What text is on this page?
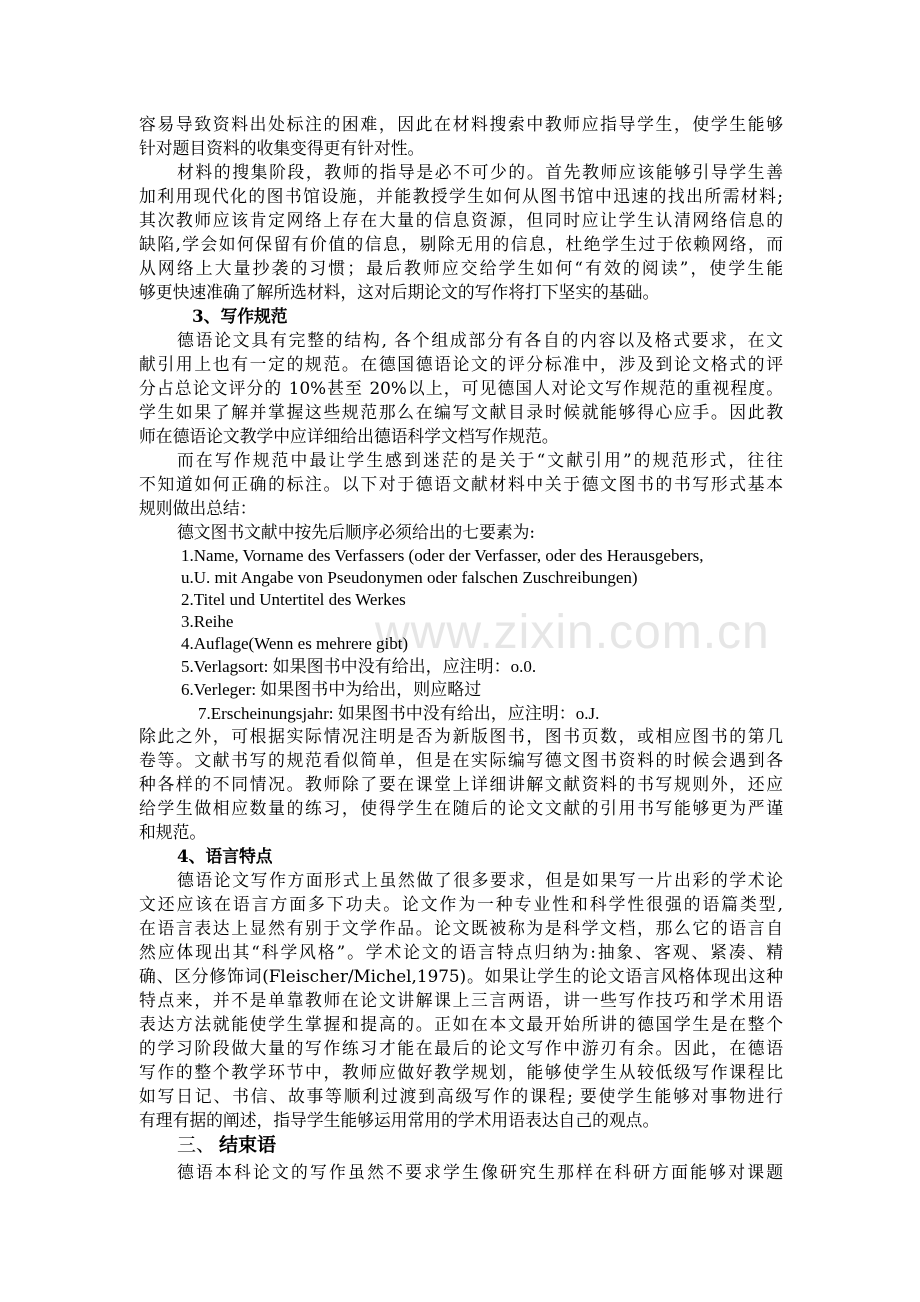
www.zixin.com.cn
容易导致资料出处标注的困难，因此在材料搜索中教师应指导学生，使学生能够
针对题目资料的收集变得更有针对性。
材料的搜集阶段，教师的指导是必不可少的。首先教师应该能够引导学生善
加利用现代化的图书馆设施，并能教授学生如何从图书馆中迅速的找出所需材料;
其次教师应该肯定网络上存在大量的信息资源，但同时应让学生认清网络信息的
缺陷,学会如何保留有价值的信息，剔除无用的信息，杜绝学生过于依赖网络，而
从网络上大量抄袭的习惯；最后教师应交给学生如何“有效的阅读”，使学生能
够更快速准确了解所选材料，这对后期论文的写作将打下坚实的基础。
3、写作规范
德语论文具有完整的结构, 各个组成部分有各自的内容以及格式要求，在文
献引用上也有一定的规范。在德国德语论文的评分标准中，涉及到论文格式的评
分占总论文评分的 10%甚至 20%以上，可见德国人对论文写作规范的重视程度。
学生如果了解并掌握这些规范那么在编写文献目录时候就能够得心应手。因此教
师在德语论文教学中应详细给出德语科学文档写作规范。
而在写作规范中最让学生感到迷茫的是关于“文献引用”的规范形式，往往
不知道如何正确的标注。以下对于德语文献材料中关于德文图书的书写形式基本
规则做出总结：
德文图书文献中按先后顺序必须给出的七要素为:
1.Name, Vorname des Verfassers (oder der Verfasser, oder des Herausgebers,
u.U. mit Angabe von Pseudonymen oder falschen Zuschreibungen)
2.Titel und Untertitel des Werkes
3.Reihe
4.Auflage(Wenn es mehrere gibt)
5.Verlagsort: 如果图书中没有给出，应注明：o.0.
6.Verleger: 如果图书中为给出，则应略过
7.Erscheinungsjahr: 如果图书中没有给出，应注明：o.J.
除此之外，可根据实际情况注明是否为新版图书，图书页数，或相应图书的第几
卷等。文献书写的规范看似简单，但是在实际编写德文图书资料的时候会遇到各
种各样的不同情况。教师除了要在课堂上详细讲解文献资料的书写规则外，还应
给学生做相应数量的练习，使得学生在随后的论文文献的引用书写能够更为严谨
和规范。
4、语言特点
德语论文写作方面形式上虽然做了很多要求，但是如果写一片出彩的学术论
文还应该在语言方面多下功夫。论文作为一种专业性和科学性很强的语篇类型,
在语言表达上显然有别于文学作品。论文既被称为是科学文档，那么它的语言自
然应体现出其“科学风格”。学术论文的语言特点归纳为:抽象、客观、紧凑、精
确、区分修饰词(Fleischer/Michel,1975)。如果让学生的论文语言风格体现出这种
特点来，并不是单靠教师在论文讲解课上三言两语，讲一些写作技巧和学术用语
表达方法就能使学生掌握和提高的。正如在本文最开始所讲的德国学生是在整个
的学习阶段做大量的写作练习才能在最后的论文写作中游刃有余。因此，在德语
写作的整个教学环节中，教师应做好教学规划，能够使学生从较低级写作课程比
如写日记、书信、故事等顺利过渡到高级写作的课程; 要使学生能够对事物进行
有理有据的阐述，指导学生能够运用常用的学术用语表达自己的观点。
三、 结束语
德语本科论文的写作虽然不要求学生像研究生那样在科研方面能够对课题
